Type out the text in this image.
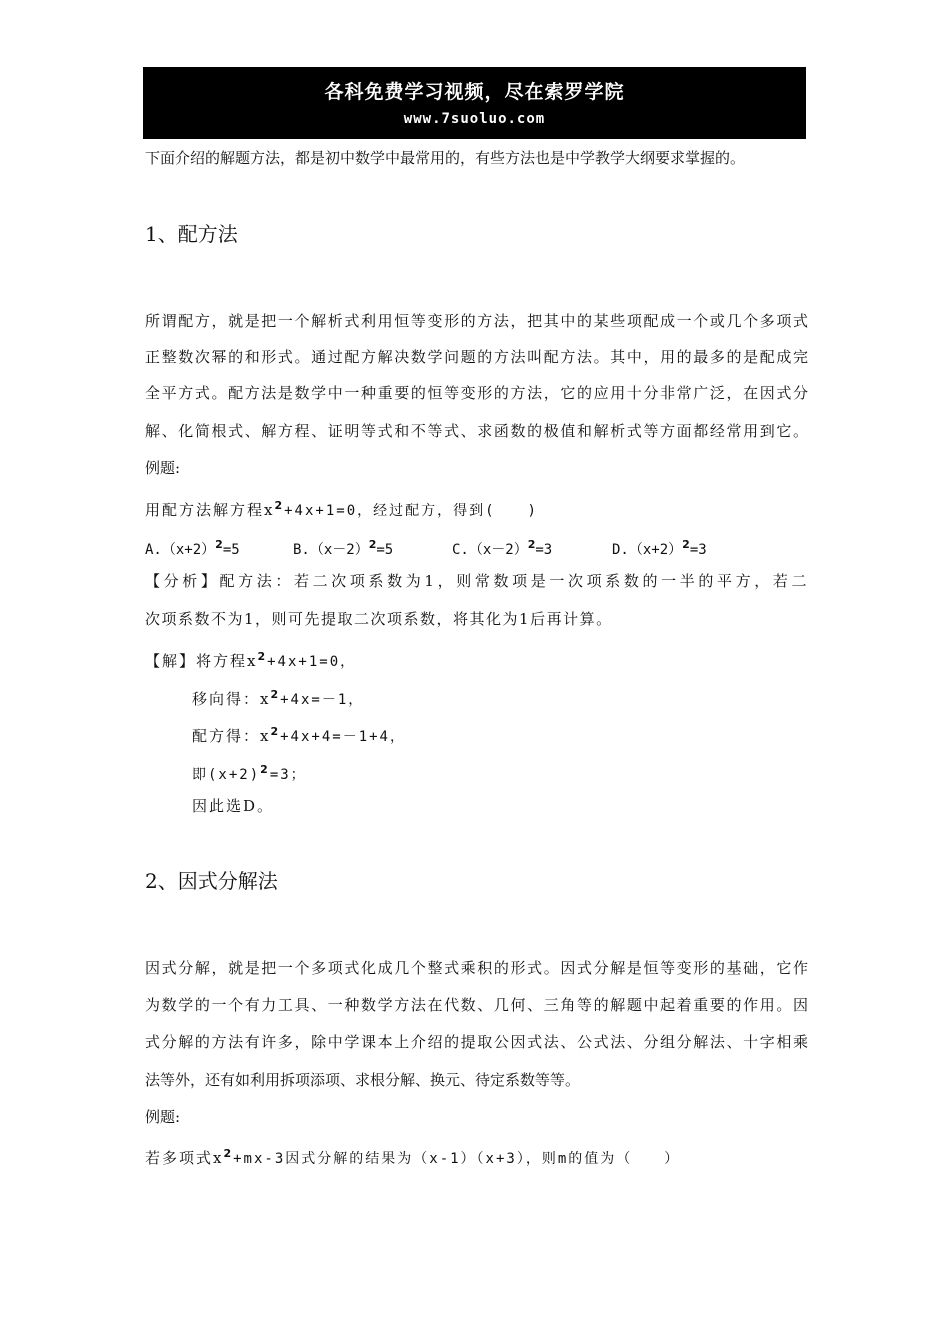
各科免费学习视频，尽在索罗学院
www.7suoluo.com
下面介绍的解题方法，都是初中数学中最常用的，有些方法也是中学教学大纲要求掌握的。
1、配方法
所谓配方，就是把一个解析式利用恒等变形的方法，把其中的某些项配成一个或几个多项式
正整数次幂的和形式。通过配方解决数学问题的方法叫配方法。其中，用的最多的是配成完
全平方式。配方法是数学中一种重要的恒等变形的方法，它的应用十分非常广泛，在因式分
解、化简根式、解方程、证明等式和不等式、求函数的极值和解析式等方面都经常用到它。
例题:
用配方法解方程$x^2+4x+1=0$，经过配方，得到(　　)
$A.(x+2)^2=5$	$B.(x-2)^2=5$	$C.(x-2)^2=3$	$D.(x+2)^2=3$
【分析】配方法：若二次项系数为1，则常数项是一次项系数的一半的平方，若二
次项系数不为1，则可先提取二次项系数，将其化为1后再计算。
【解】将方程$x^2+4x+1=0$，
移向得：$x^2+4x=-1$，
配方得：$x^2+4x+4=-1+4$，
即$(x+2)^2=3$；
因此选D。
2、因式分解法
因式分解，就是把一个多项式化成几个整式乘积的形式。因式分解是恒等变形的基础，它作
为数学的一个有力工具、一种数学方法在代数、几何、三角等的解题中起着重要的作用。因
式分解的方法有许多，除中学课本上介绍的提取公因式法、公式法、分组分解法、十字相乘
法等外，还有如利用拆项添项、求根分解、换元、待定系数等等。
例题:
若多项式$x^2+mx-3$因式分解的结果为（x-1）（x+3），则m的值为（　　）
